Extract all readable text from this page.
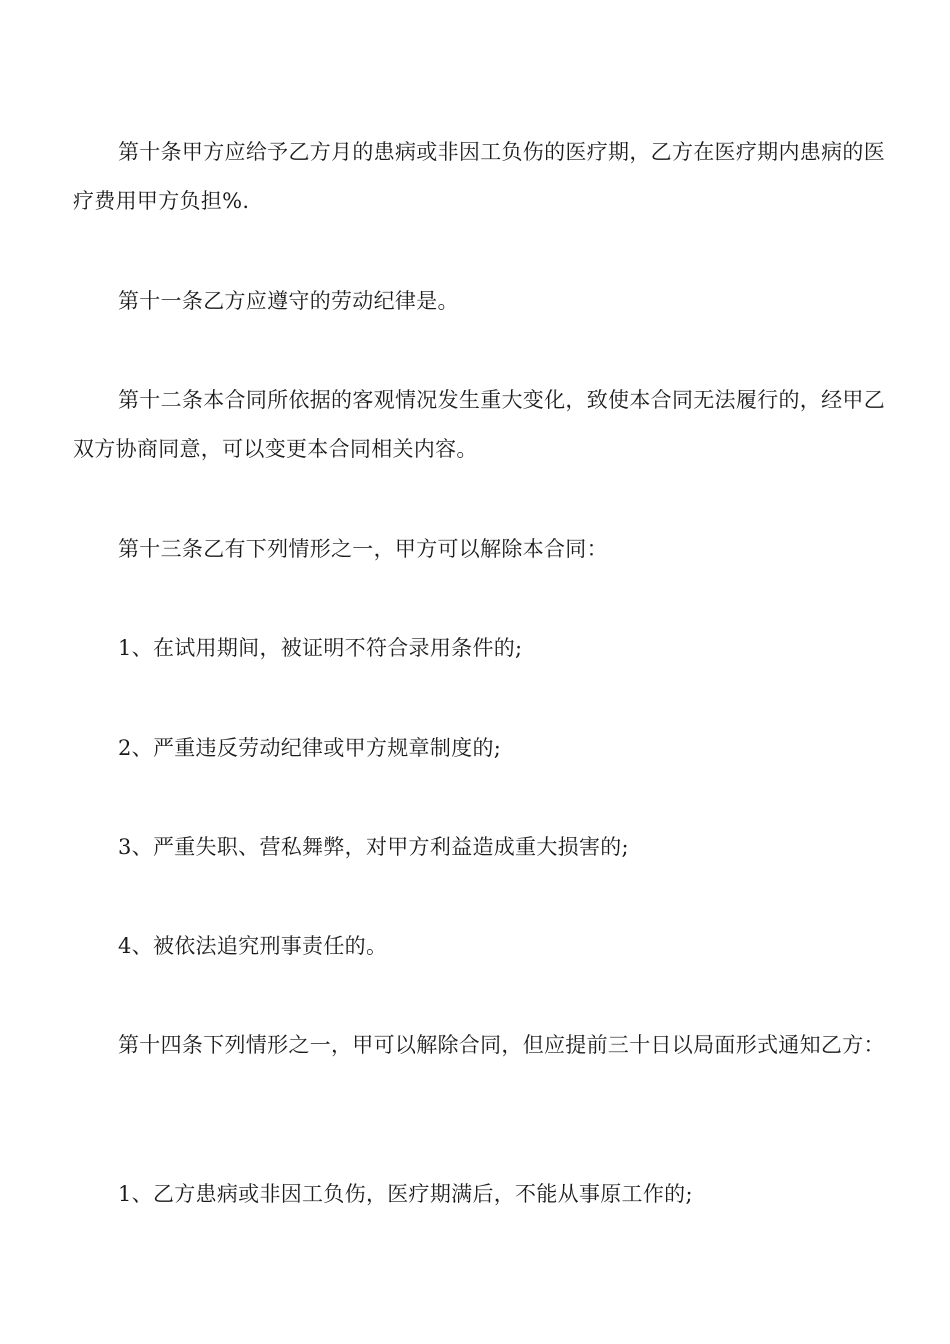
第十条甲方应给予乙方月的患病或非因工负伤的医疗期，乙方在医疗期内患病的医疗费用甲方负担%.

第十一条乙方应遵守的劳动纪律是。

第十二条本合同所依据的客观情况发生重大变化，致使本合同无法履行的，经甲乙双方协商同意，可以变更本合同相关内容。

第十三条乙有下列情形之一，甲方可以解除本合同：

1、在试用期间，被证明不符合录用条件的;

2、严重违反劳动纪律或甲方规章制度的;

3、严重失职、营私舞弊，对甲方利益造成重大损害的;

4、被依法追究刑事责任的。

第十四条下列情形之一，甲可以解除合同，但应提前三十日以局面形式通知乙方：

1、乙方患病或非因工负伤，医疗期满后，不能从事原工作的;
